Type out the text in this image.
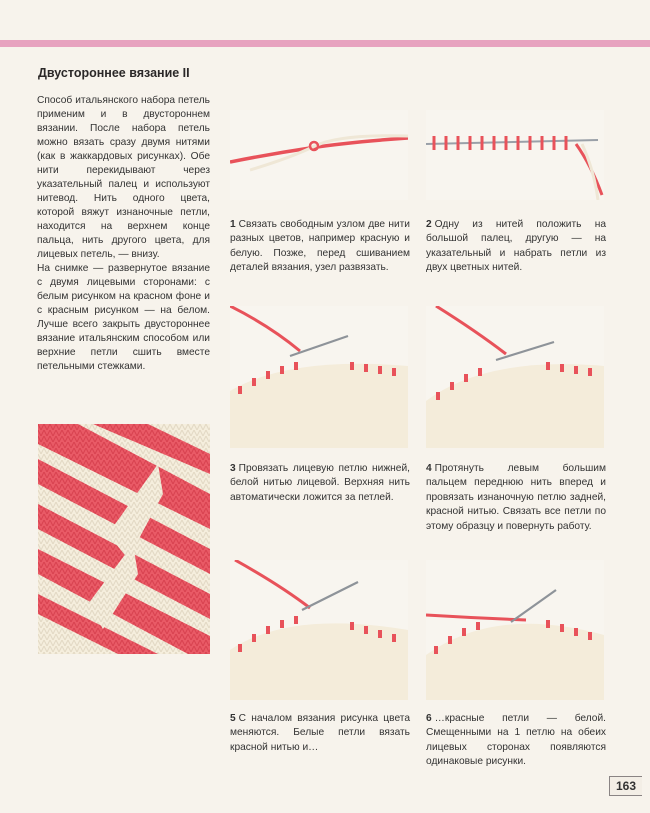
Двустороннее вязание II
Способ итальянского набора петель применим и в двустороннем вязании. После набора петель можно вязать сразу двумя нитями (как в жаккардовых рисунках). Обе нити перекидывают через указательный палец и используют нитевод. Нить одного цвета, которой вяжут изнаночные петли, находится на верхнем конце пальца, нить другого цвета, для лицевых петель, — внизу.
На снимке — развернутое вязание с двумя лицевыми сторонами: с белым рисунком на красном фоне и с красным рисунком — на белом. Лучше всего закрыть двустороннее вязание итальянским способом или верхние петли сшить вместе петельными стежками.
1 Связать свободным узлом две нити разных цветов, например красную и белую. Позже, перед сшиванием деталей вязания, узел развязать.
2 Одну из нитей положить на большой палец, другую — на указательный и набрать петли из двух цветных нитей.
3 Провязать лицевую петлю нижней, белой нитью лицевой. Верхняя нить автоматически ложится за петлей.
4 Протянуть левым большим пальцем переднюю нить вперед и провязать изнаночную петлю задней, красной нитью. Связать все петли по этому образцу и повернуть работу.
5 С началом вязания рисунка цвета меняются. Белые петли вязать красной нитью и…
6 …красные петли — белой. Смещенными на 1 петлю на обеих лицевых сторонах появляются одинаковые рисунки.
163
